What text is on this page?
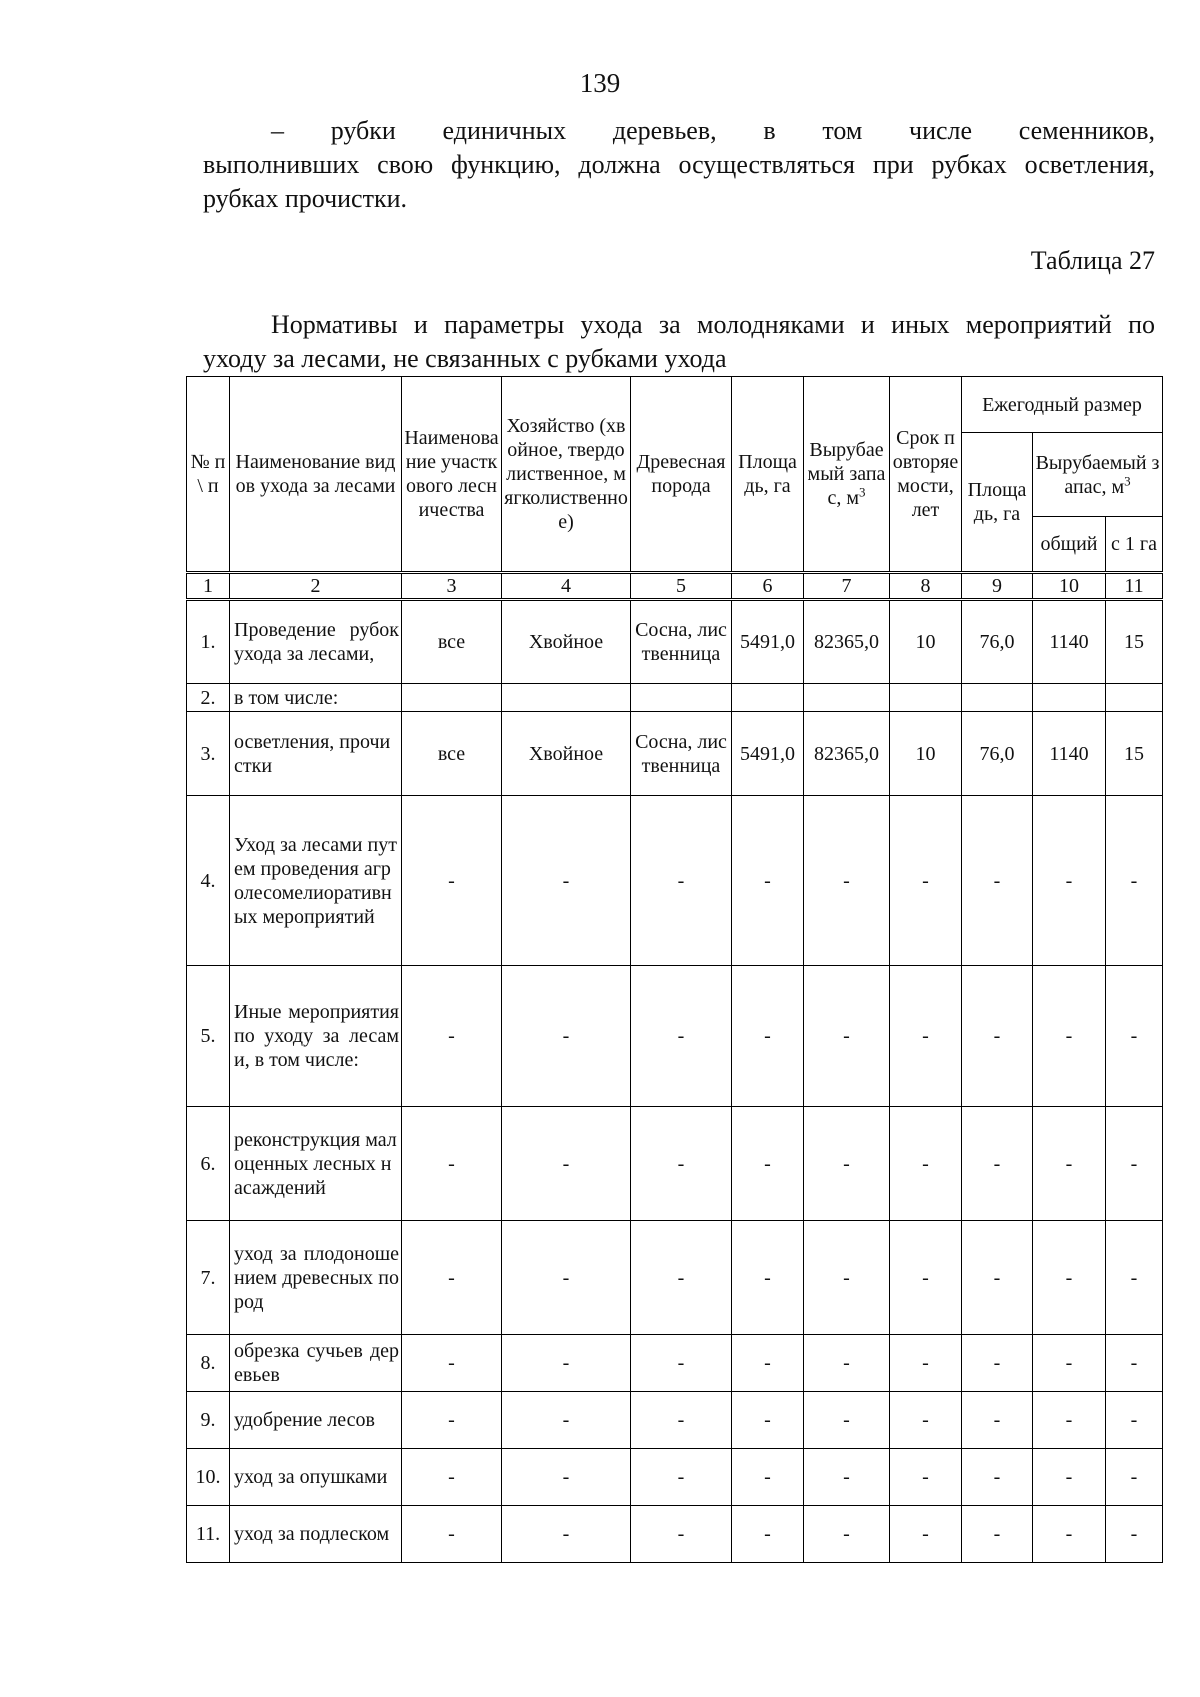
139
– рубки единичных деревьев, в том числе семенников,
выполнивших свою функцию, должна осуществляться при рубках осветления,
рубках прочистки.
Таблица 27
Нормативы и параметры ухода за молодняками и иных мероприятий по
уходу за лесами, не связанных с рубками ухода
№ п\ п	Наименование видов ухода за лесами	Наименование участкового лесничества	Хозяйство (хвойное, твердолиственное, мягколиственное)	Древесная порода	Площадь, га	Вырубаемый запас, $м^3$	Срок повторяемости, лет	Ежегодный размер		
								Площадь, га	Вырубаемый запас, $м^3$
									общий	с 1 га
1	2	3	4	5	6	7	8	9	10	11
1.	Проведение рубок ухода за лесами,	все	Хвойное	Сосна, лиственница	5491,0	82365,0	10	76,0	1140	15
2.	в том числе:									
3.	осветления, прочистки	все	Хвойное	Сосна, лиственница	5491,0	82365,0	10	76,0	1140	15
4.	Уход за лесами путем проведения агролесомелиоративных мероприятий	-	-	-	-	-	-	-	-	-
5.	Иные мероприятия по уходу за лесами, в том числе:	-	-	-	-	-	-	-	-	-
6.	реконструкция малоценных лесных насаждений	-	-	-	-	-	-	-	-	-
7.	уход за плодоношением древесных пород	-	-	-	-	-	-	-	-	-
8.	обрезка сучьев деревьев	-	-	-	-	-	-	-	-	-
9.	удобрение лесов	-	-	-	-	-	-	-	-	-
10.	уход за опушками	-	-	-	-	-	-	-	-	-
11.	уход за подлеском	-	-	-	-	-	-	-	-	-
